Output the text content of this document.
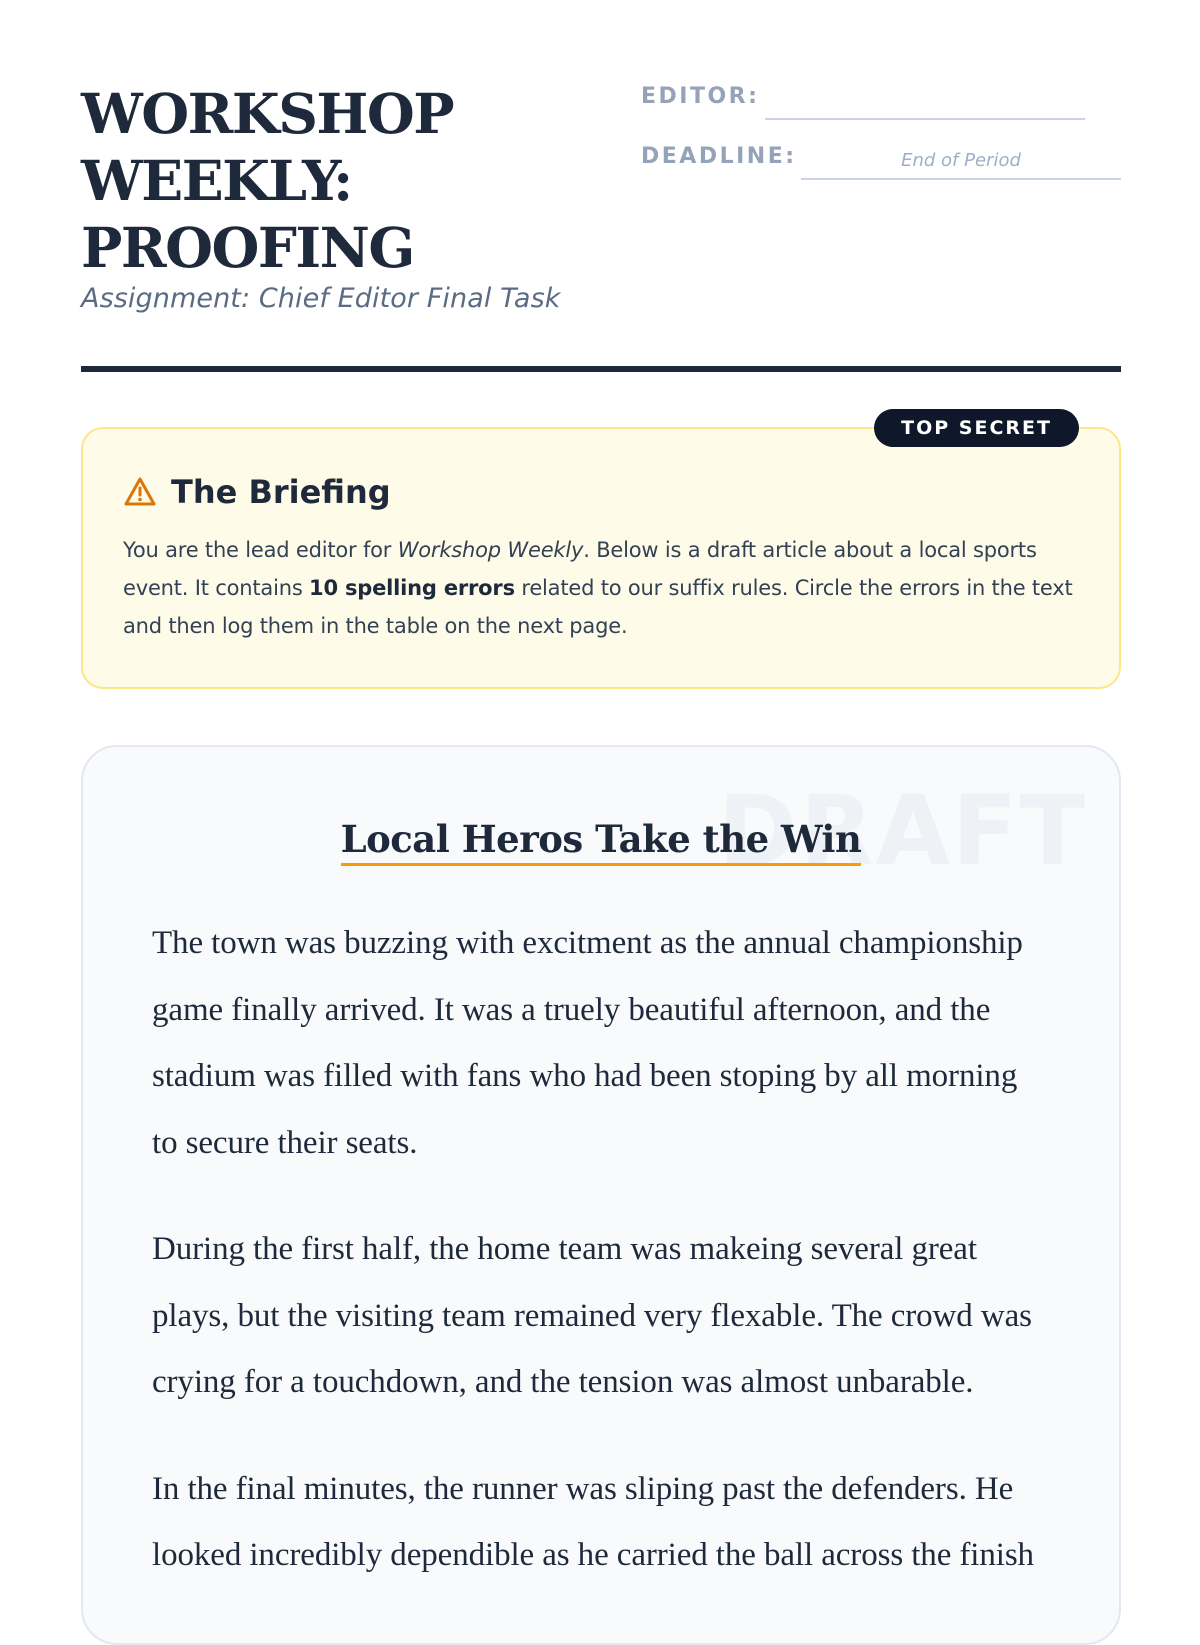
WORKSHOP
WEEKLY:
PROOFING
Assignment: Chief Editor Final Task
EDITOR:
DEADLINE:	End of Period
TOP SECRET
The Briefing

You are the lead editor for Workshop Weekly. Below is a draft article about a local sports event. It contains 10 spelling errors related to our suffix rules. Circle the errors in the text and then log them in the table on the next page.

DRAFT
Local Heros Take the Win

The town was buzzing with excitment as the annual championship game finally arrived. It was a truely beautiful afternoon, and the stadium was filled with fans who had been stoping by all morning to secure their seats.

During the first half, the home team was makeing several great plays, but the visiting team remained very flexable. The crowd was crying for a touchdown, and the tension was almost unbarable.

In the final minutes, the runner was sliping past the defenders. He looked incredibly dependible as he carried the ball across the finish
